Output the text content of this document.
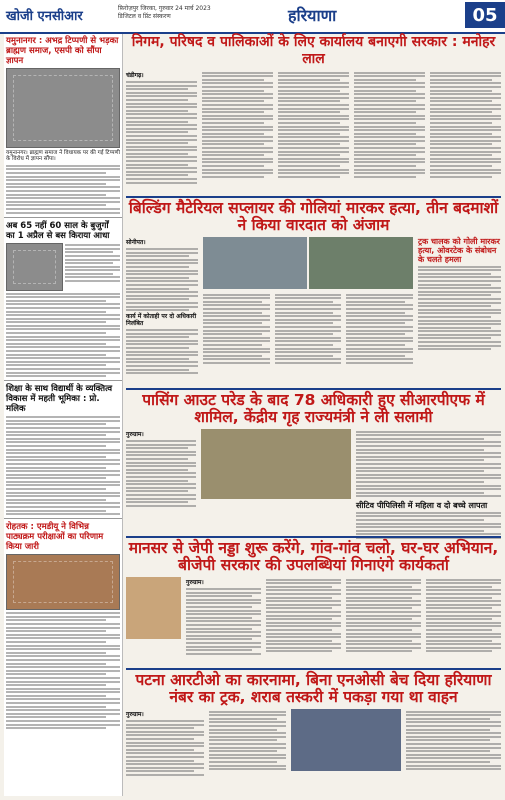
खोजी एनसीआर
फ़िरोज़पुर जिरका, गुरुवार 24 मार्च 2023
डिजिटल व प्रिंट संस्करण	हरियाणा	05
यमुनानगर : अभद्र टिप्पणी से भड़का ब्राह्मण समाज, एसपी को सौंपा ज्ञापन
यमुनानगर। ब्राह्मण समाज ने विधायक पर की गई टिप्पणी के विरोध में ज्ञापन सौंपा।
अब 65 नहीं 60 साल के बुजुर्गों का 1 अप्रैल से बस किराया आधा
शिक्षा के साथ विद्यार्थी के व्यक्तित्व विकास में महती भूमिका : प्रो. मलिक
रोहतक : एमडीयू ने विभिन्न पाठ्यक्रम परीक्षाओं का परिणाम किया जारी
निगम, परिषद व पालिकाओं के लिए कार्यालय बनाएगी सरकार : मनोहर लाल
चंडीगढ़।
बिल्डिंग मैटेरियल सप्लायर की गोलियां मारकर हत्या, तीन बदमाशों ने किया वारदात को अंजाम
सोनीपत।
कार्य में कोताही पर दो अधिकारी निलंबित
ट्रक चालक को गोली मारकर हत्या, ओवरटेक के संबोधन के चलते हमला
पासिंग आउट परेड के बाद 78 अधिकारी हुए सीआरपीएफ में शामिल, केंद्रीय गृह राज्यमंत्री ने ली सलामी
गुरुग्राम।
सीटिव पीपिलिसी में महिला व दो बच्चे लापता
मानसर से जेपी नड्डा शुरू करेंगे, गांव-गांव चलो, घर-घर अभियान, बीजेपी सरकार की उपलब्धियां गिनाएंगे कार्यकर्ता
गुरुग्राम।
पटना आरटीओ का कारनामा, बिना एनओसी बेच दिया हरियाणा नंबर का ट्रक, शराब तस्करी में पकड़ा गया था वाहन
गुरुग्राम।
